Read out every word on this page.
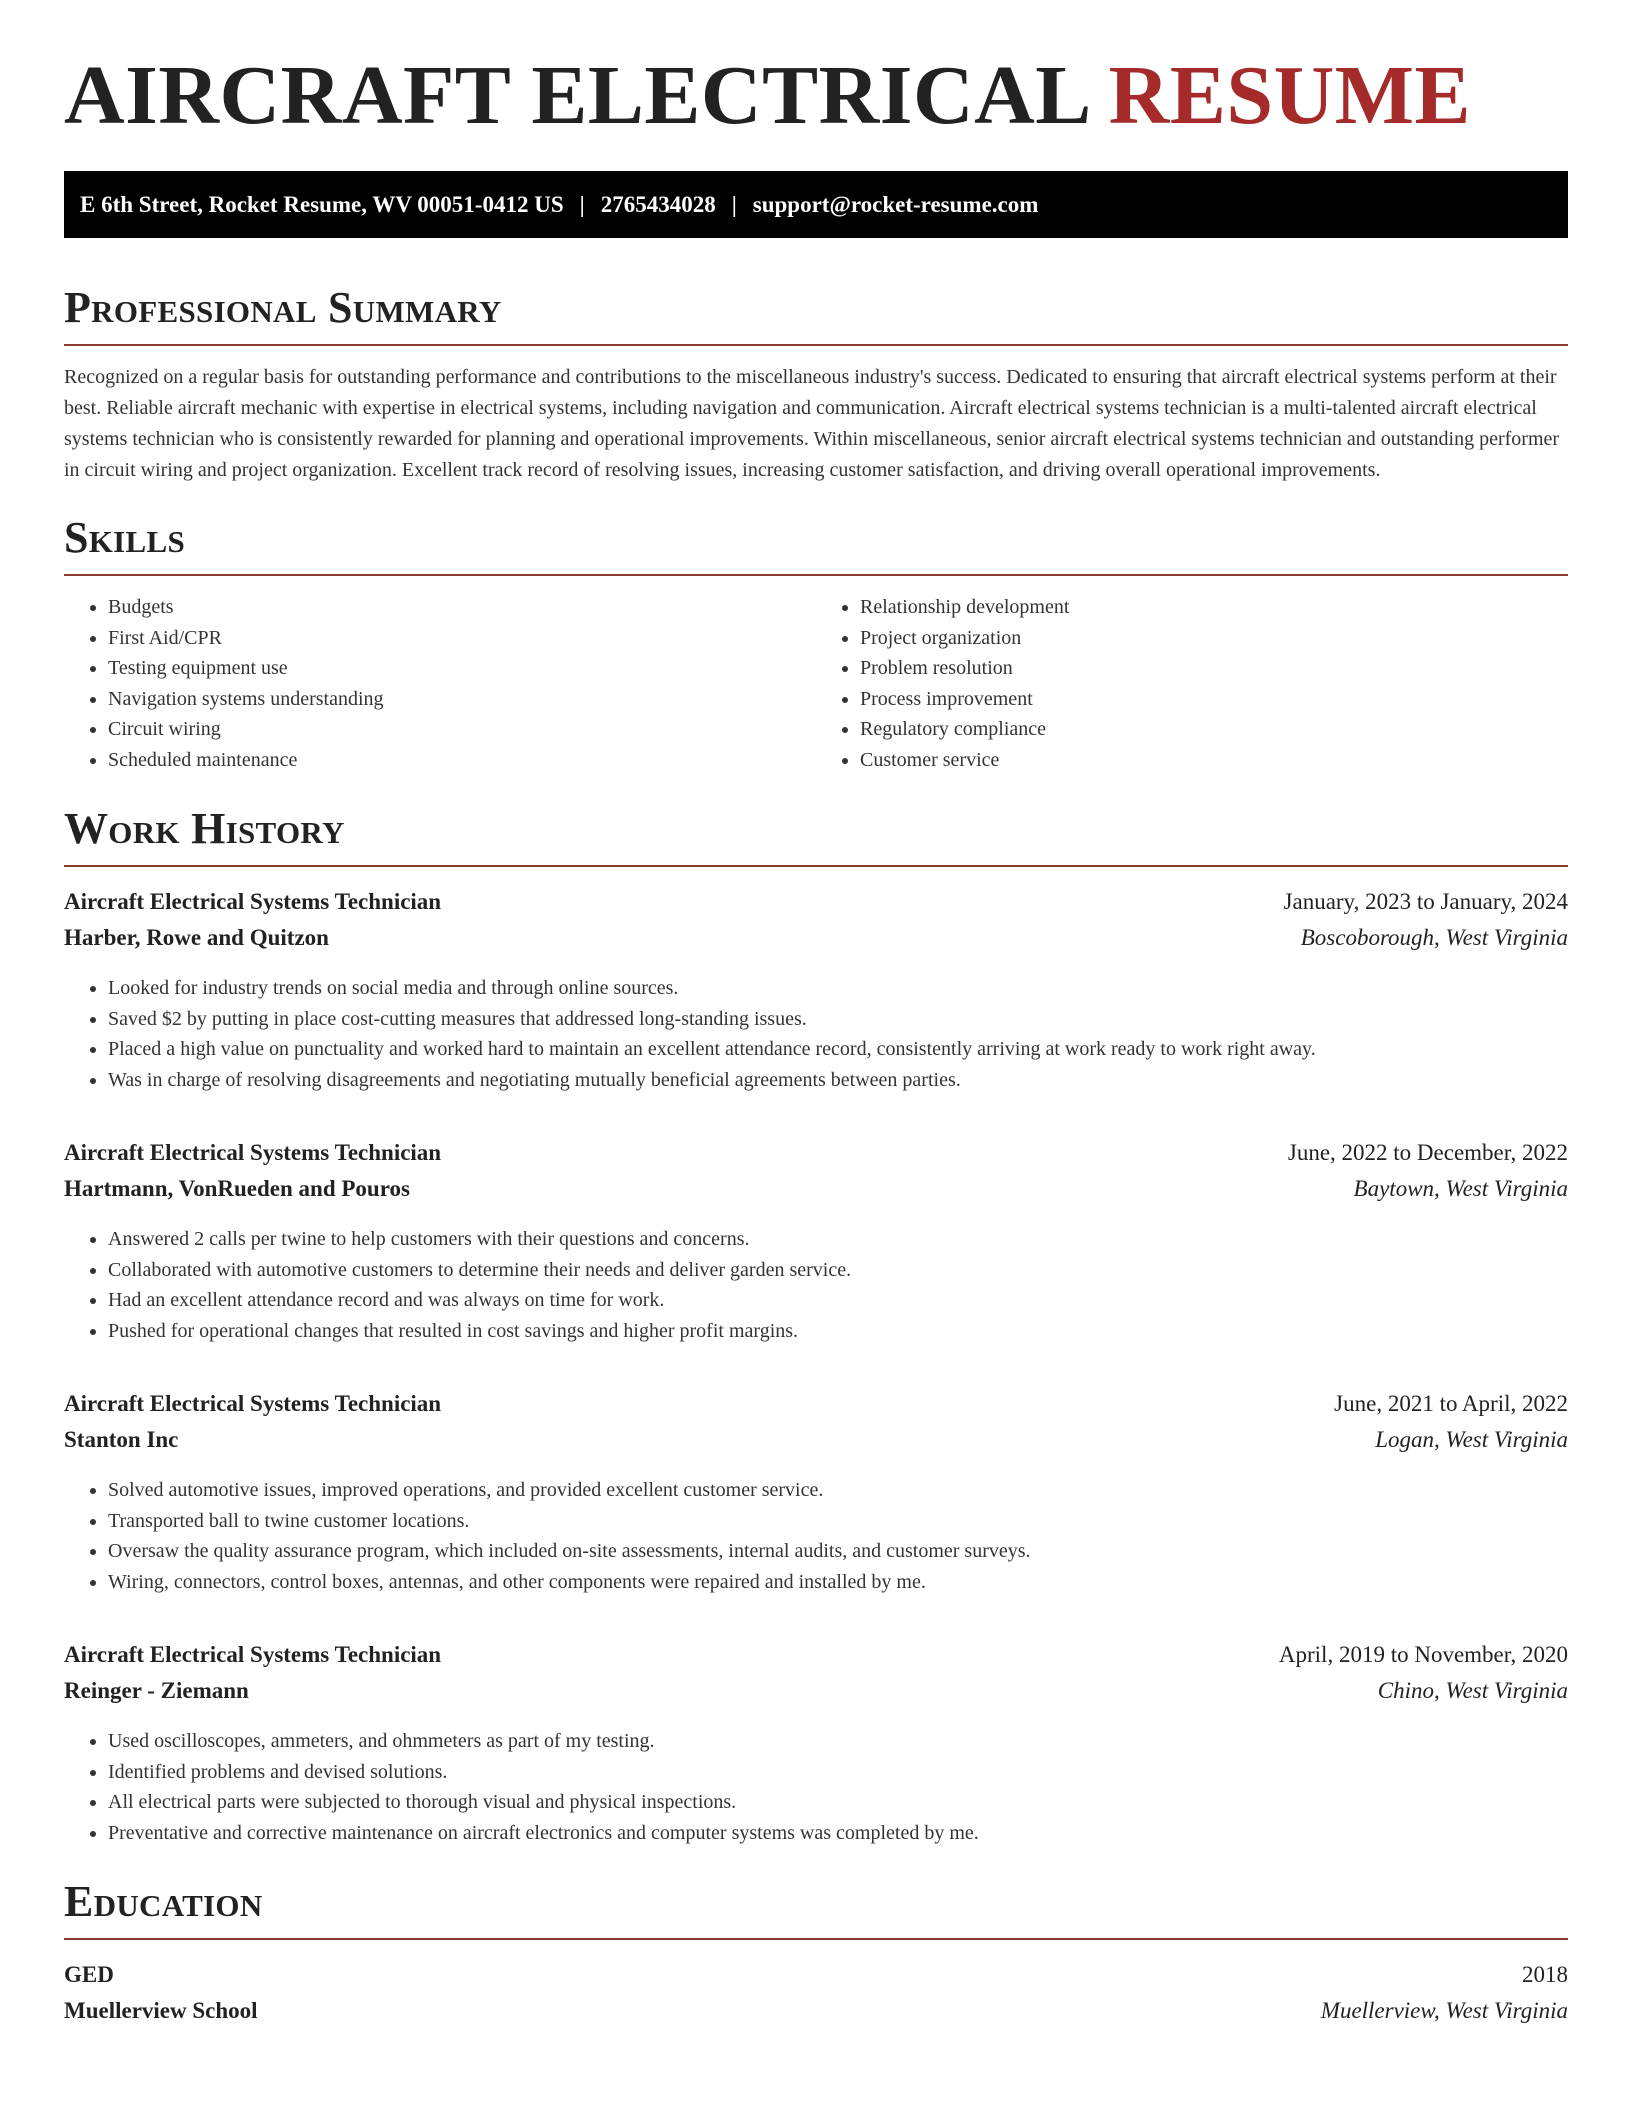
AIRCRAFT ELECTRICAL RESUME
E 6th Street, Rocket Resume, WV 00051-0412 US | 2765434028 | support@rocket-resume.com
Professional Summary

Recognized on a regular basis for outstanding performance and contributions to the miscellaneous industry's success. Dedicated to ensuring that aircraft electrical systems perform at their best. Reliable aircraft mechanic with expertise in electrical systems, including navigation and communication. Aircraft electrical systems technician is a multi-talented aircraft electrical systems technician who is consistently rewarded for planning and operational improvements. Within miscellaneous, senior aircraft electrical systems technician and outstanding performer in circuit wiring and project organization. Excellent track record of resolving issues, increasing customer satisfaction, and driving overall operational improvements.

Skills
• Budgets
• First Aid/CPR
• Testing equipment use
• Navigation systems understanding
• Circuit wiring
• Scheduled maintenance
• Relationship development
• Project organization
• Problem resolution
• Process improvement
• Regulatory compliance
• Customer service
Work History
Aircraft Electrical Systems Technician	January, 2023 to January, 2024
Harber, Rowe and Quitzon	Boscoborough, West Virginia
• Looked for industry trends on social media and through online sources.
• Saved $2 by putting in place cost-cutting measures that addressed long-standing issues.
• Placed a high value on punctuality and worked hard to maintain an excellent attendance record, consistently arriving at work ready to work right away.
• Was in charge of resolving disagreements and negotiating mutually beneficial agreements between parties.
Aircraft Electrical Systems Technician	June, 2022 to December, 2022
Hartmann, VonRueden and Pouros	Baytown, West Virginia
• Answered 2 calls per twine to help customers with their questions and concerns.
• Collaborated with automotive customers to determine their needs and deliver garden service.
• Had an excellent attendance record and was always on time for work.
• Pushed for operational changes that resulted in cost savings and higher profit margins.
Aircraft Electrical Systems Technician	June, 2021 to April, 2022
Stanton Inc	Logan, West Virginia
• Solved automotive issues, improved operations, and provided excellent customer service.
• Transported ball to twine customer locations.
• Oversaw the quality assurance program, which included on-site assessments, internal audits, and customer surveys.
• Wiring, connectors, control boxes, antennas, and other components were repaired and installed by me.
Aircraft Electrical Systems Technician	April, 2019 to November, 2020
Reinger - Ziemann	Chino, West Virginia
• Used oscilloscopes, ammeters, and ohmmeters as part of my testing.
• Identified problems and devised solutions.
• All electrical parts were subjected to thorough visual and physical inspections.
• Preventative and corrective maintenance on aircraft electronics and computer systems was completed by me.
Education
GED	2018
Muellerview School	Muellerview, West Virginia
